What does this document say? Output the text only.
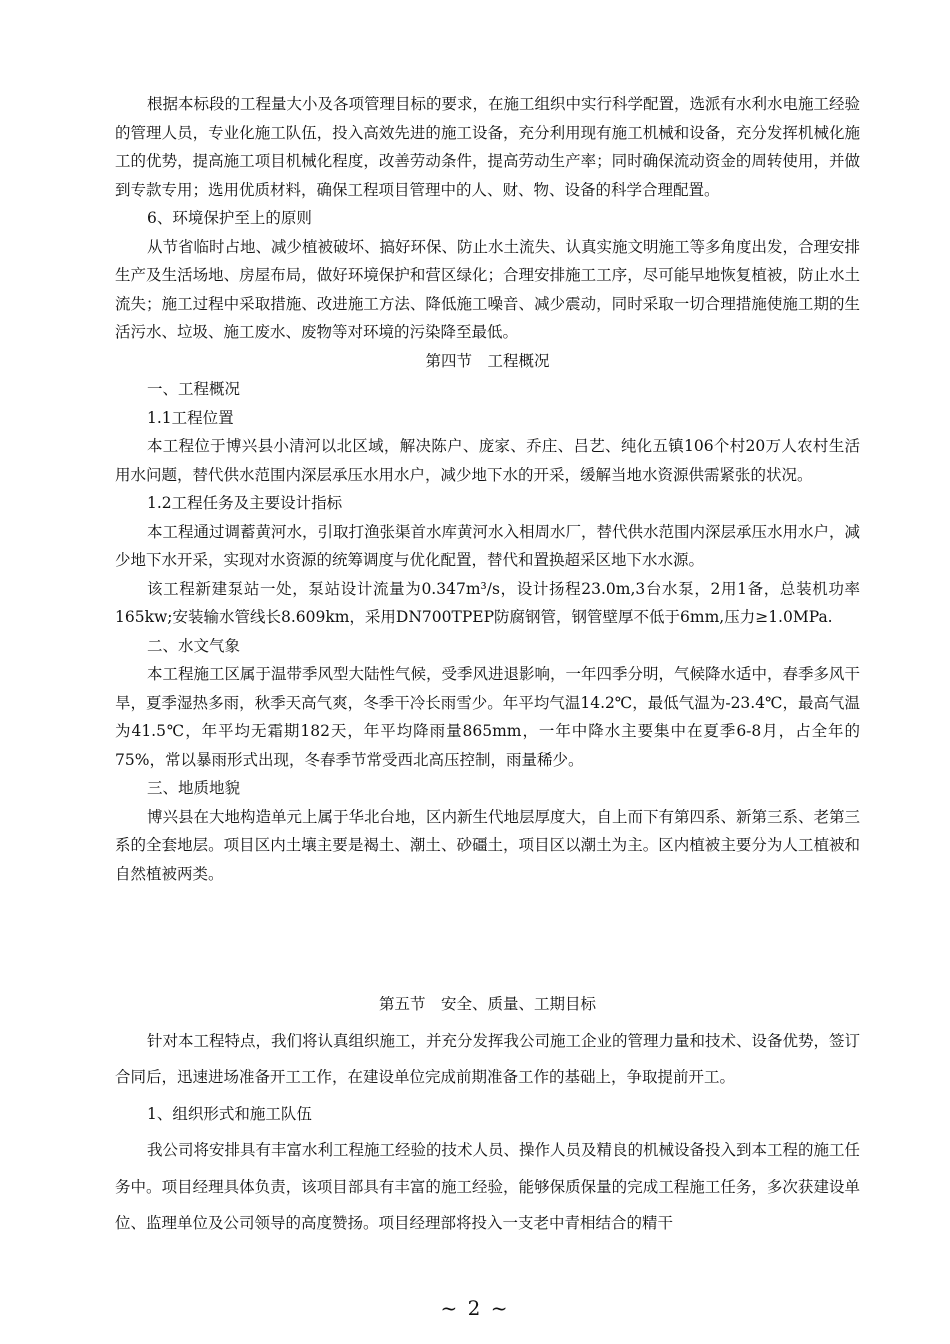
根据本标段的工程量大小及各项管理目标的要求，在施工组织中实行科学配置，选派有水利水电施工经验的管理人员，专业化施工队伍，投入高效先进的施工设备，充分利用现有施工机械和设备，充分发挥机械化施工的优势，提高施工项目机械化程度，改善劳动条件，提高劳动生产率；同时确保流动资金的周转使用，并做到专款专用；选用优质材料，确保工程项目管理中的人、财、物、设备的科学合理配置。

6、环境保护至上的原则

从节省临时占地、减少植被破坏、搞好环保、防止水土流失、认真实施文明施工等多角度出发，合理安排生产及生活场地、房屋布局，做好环境保护和营区绿化；合理安排施工工序，尽可能早地恢复植被，防止水土流失；施工过程中采取措施、改进施工方法、降低施工噪音、减少震动，同时采取一切合理措施使施工期的生活污水、垃圾、施工废水、废物等对环境的污染降至最低。

第四节　工程概况

一、工程概况

1.1工程位置

本工程位于博兴县小清河以北区域，解决陈户、庞家、乔庄、吕艺、纯化五镇106个村20万人农村生活用水问题，替代供水范围内深层承压水用水户，减少地下水的开采，缓解当地水资源供需紧张的状况。

1.2工程任务及主要设计指标

本工程通过调蓄黄河水，引取打渔张渠首水库黄河水入相周水厂，替代供水范围内深层承压水用水户，减少地下水开采，实现对水资源的统筹调度与优化配置，替代和置换超采区地下水水源。

该工程新建泵站一处，泵站设计流量为0.347m³/s，设计扬程23.0m,3台水泵，2用1备，总装机功率165kw;安装输水管线长8.609km，采用DN700TPEP防腐钢管，钢管壁厚不低于6mm,压力≥1.0MPa.

二、水文气象

本工程施工区属于温带季风型大陆性气候，受季风进退影响，一年四季分明，气候降水适中，春季多风干旱，夏季湿热多雨，秋季天高气爽，冬季干冷长雨雪少。年平均气温14.2℃，最低气温为-23.4℃，最高气温为41.5℃，年平均无霜期182天，年平均降雨量865mm，一年中降水主要集中在夏季6-8月，占全年的75%，常以暴雨形式出现，冬春季节常受西北高压控制，雨量稀少。

三、地质地貌

博兴县在大地构造单元上属于华北台地，区内新生代地层厚度大，自上而下有第四系、新第三系、老第三系的全套地层。项目区内土壤主要是褐土、潮土、砂礓土，项目区以潮土为主。区内植被主要分为人工植被和自然植被两类。

第五节　安全、质量、工期目标

针对本工程特点，我们将认真组织施工，并充分发挥我公司施工企业的管理力量和技术、设备优势，签订合同后，迅速进场准备开工工作，在建设单位完成前期准备工作的基础上，争取提前开工。

1、组织形式和施工队伍

我公司将安排具有丰富水利工程施工经验的技术人员、操作人员及精良的机械设备投入到本工程的施工任务中。项目经理具体负责，该项目部具有丰富的施工经验，能够保质保量的完成工程施工任务，多次获建设单位、监理单位及公司领导的高度赞扬。项目经理部将投入一支老中青相结合的精干

~ 2 ~
